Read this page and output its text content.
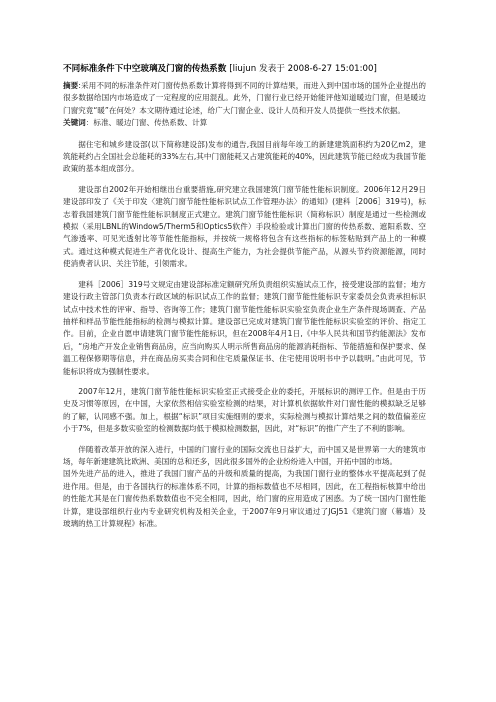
不同标准条件下中空玻璃及门窗的传热系数 [liujun 发表于 2008-6-27 15:01:00]
摘要:采用不同的标准条件对门窗传热系数计算将得到不同的计算结果，而进入到中国市场的国外企业提出的很多数据给国内市场造成了一定程度的应用混乱。此外，门窗行业已经开始能评他知道暖边门窗，但是暖边门窗究竟“暖”在何处？本文期待通过论述，给广大门窗企业、设计人员和开发人员提供一些技术依据。
关键词：标准、暖边门窗、传热系数、计算
据住宅和城乡建设部(以下简称建设部)发布的通告,我国目前每年竣工的新建建筑面积约为20亿m2，建筑能耗约占全国社会总能耗的33%左右,其中门窗能耗又占建筑能耗的40%，因此建筑节能已经成为我国节能政策的基本组成部分。
建设部自2002年开始相继出台重要措施,研究建立我国建筑门窗节能性能标识制度。2006年12月29日建设部印发了《关于印发〈建筑门窗节能性能标识试点工作管理办法〉的通知》(建科［2006］319号)，标志着我国建筑门窗节能性能标识制度正式建立。建筑门窗节能性能标识（简称标识）制度是通过一些检测或模拟（采用LBNL的Window5/Therm5和Optics5软件）手段检验或计算出门窗的传热系数、遮阳系数、空气渗透率、可见光透射比等节能性能指标，并按统一规格将包含有这些指标的标签粘贴到产品上的一种模式。通过这种模式促进生产者优化设计、提高生产能力，为社会提供节能产品，从源头节约资源能源，同时使消费者认识、关注节能，引领需求。
建科［2006］319号文规定由建设部标准定额研究所负责组织实施试点工作，接受建设部的监督；地方建设行政主管部门负责本行政区域的标识试点工作的监督；建筑门窗节能性能标识专家委员会负责承担标识试点中技术性的评审、指导、咨询等工作；建筑门窗节能性能标识实验室负责企业生产条件现场调查、产品抽样和样品节能性能指标的检测与模拟计算。建设部已完成对建筑门窗节能性能标识实验室的评价、指定工作。目前，企业自愿申请建筑门窗节能性能标识，但在2008年4月1日,《中华人民共和国节约能源法》发布后，“房地产开发企业销售商品房，应当向购买人明示所售商品房的能源消耗指标、节能措施和保护要求、保温工程保修期等信息，并在商品房买卖合同和住宅质量保证书、住宅使用说明书中予以载明。”由此可见，节能标识将成为强制性要求。
2007年12月，建筑门窗节能性能标识实验室正式接受企业的委托，开展标识的测评工作。但是由于历史及习惯等原因，在中国，大家依然相信实验室检测的结果，对计算机依据软件对门窗性能的模拟缺乏足够的了解，认同感不强。加上，根据“标识”项目实施细则的要求，实际检测与模拟计算结果之间的数值偏差应小于7%，但是多数实验室的检测数据均低于模拟检测数据，因此，对“标识”的推广产生了不利的影响。
伴随着改革开放的深入进行，中国的门窗行业的国际交流也日益扩大，而中国又是世界第一大的建筑市场，每年新建建筑比欧洲、美国的总和还多，因此很多国外的企业纷纷进入中国，开拓中国的市场。
国外先进产品的进入，推进了我国门窗产品的升级和质量的提高，为我国门窗行业的整体水平提高起到了促进作用。但是，由于各国执行的标准体系不同，计算的指标数值也不尽相同，因此，在工程指标核算中给出的性能尤其是在门窗传热系数数值也不完全相同，因此，给门窗的应用造成了困惑。为了统一国内门窗性能计算，建设部组织行业内专业研究机构及相关企业，于2007年9月审议通过了JGJ51《建筑门窗（幕墙）及玻璃的热工计算规程》标准。
